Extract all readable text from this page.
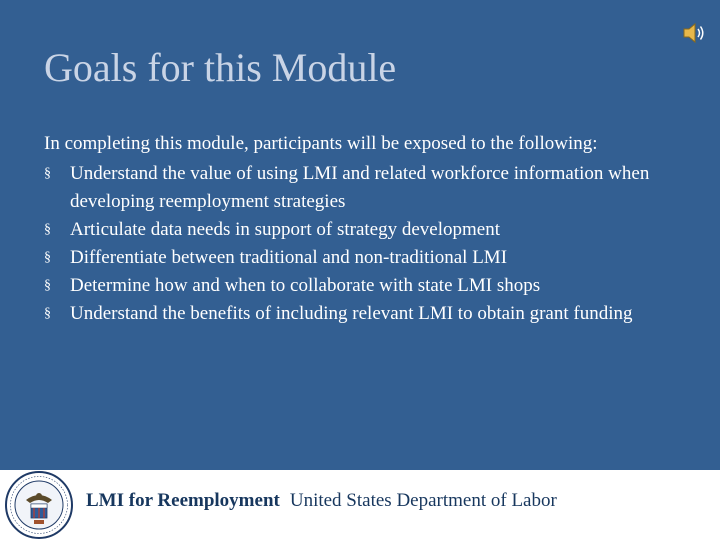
Goals for this Module

In completing this module, participants will be exposed to the following:

§ Understand the value of using LMI and related workforce information when developing reemployment strategies
§ Articulate data needs in support of strategy development
§ Differentiate between traditional and non-traditional LMI
§ Determine how and when to collaborate with state LMI shops
§ Understand the benefits of including relevant LMI to obtain grant funding
LMI for Reemployment United States Department of Labor
